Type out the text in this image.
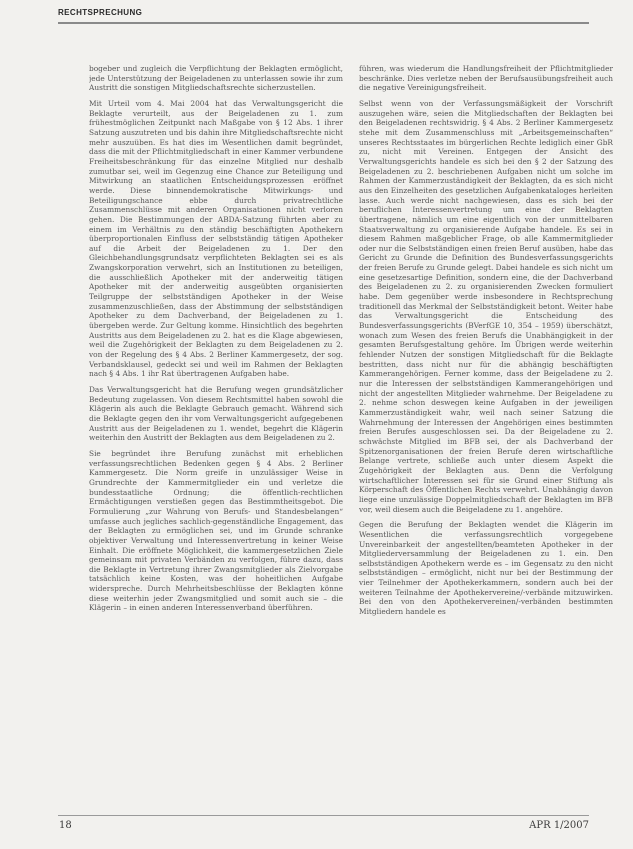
RECHTSPRECHUNG

bogeber und zugleich die Verpflichtung der Beklagten ermöglicht, jede Unterstützung der Beigeladenen zu unterlassen sowie ihr zum Austritt die sonstigen Mitgliedschaftsrechte sicherzustellen.

Mit Urteil vom 4. Mai 2004 hat das Verwaltungsgericht die Beklagte verurteilt, aus der Beigeladenen zu 1. zum frühestmöglichen Zeitpunkt nach Maßgabe von § 12 Abs. 1 ihrer Satzung auszutreten und bis dahin ihre Mitgliedschaftsrechte nicht mehr auszuüben. Es hat dies im Wesentlichen damit begründet, dass die mit der Pflichtmitgliedschaft in einer Kammer verbundene Freiheitsbeschränkung für das einzelne Mitglied nur deshalb zumutbar sei, weil im Gegenzug eine Chance zur Beteiligung und Mitwirkung an staatlichen Entscheidungsprozessen eröffnet werde. Diese binnendemokratische Mitwirkungs- und Beteiligungschance ebbe durch privatrechtliche Zusammenschlüsse mit anderen Organisationen nicht verloren gehen. Die Bestimmungen der ABDA-Satzung führten aber zu einem im Verhältnis zu den ständig beschäftigten Apothekern überproportionalen Einfluss der selbstständig tätigen Apotheker auf die Arbeit der Beigeladenen zu 1. Der den Gleichbehandlungsgrundsatz verpflichteten Beklagten sei es als Zwangskorporation verwehrt, sich an Institutionen zu beteiligen, die ausschließlich Apotheker mit der anderweitig tätigen Apotheker mit der anderweitig ausgeübten organisierten Teilgruppe der selbstständigen Apotheker in der Weise zusammenzuschließen, dass der Abstimmung der selbstständigen Apotheker zu dem Dachverband, der Beigeladenen zu 1. übergeben werde. Zur Geltung komme. Hinsichtlich des begehrten Austritts aus dem Beigeladenen zu 2. hat es die Klage abgewiesen, weil die Zugehörigkeit der Beklagten zu dem Beigeladenen zu 2. von der Regelung des § 4 Abs. 2 Berliner Kammergesetz, der sog. Verbandsklausel, gedeckt sei und weil im Rahmen der Beklagten nach § 4 Abs. 1 ihr Rat übertragenen Aufgaben habe.

Das Verwaltungsgericht hat die Berufung wegen grundsätzlicher Bedeutung zugelassen. Von diesem Rechtsmittel haben sowohl die Klägerin als auch die Beklagte Gebrauch gemacht. Während sich die Beklagte gegen den ihr vom Verwaltungsgericht aufgegebenen Austritt aus der Beigeladenen zu 1. wendet, begehrt die Klägerin weiterhin den Austritt der Beklagten aus dem Beigeladenen zu 2.

Sie begründet ihre Berufung zunächst mit erheblichen verfassungsrechtlichen Bedenken gegen § 4 Abs. 2 Berliner Kammergesetz. Die Norm greife in unzulässiger Weise in Grundrechte der Kammermitglieder ein und verletze die bundesstaatliche Ordnung; die öffentlich-rechtlichen Ermächtigungen verstießen gegen das Bestimmtheitsgebot. Die Formulierung „zur Wahrung von Berufs- und Standesbelangen“ umfasse auch jegliches sachlich-gegenständliche Engagement, das der Beklagten zu ermöglichen sei, und im Grunde schranke objektiver Verwaltung und Interessenvertretung in keiner Weise Einhalt. Die eröffnete Möglichkeit, die kammergesetzlichen Ziele gemeinsam mit privaten Verbänden zu verfolgen, führe dazu, dass die Beklagte in Vertretung ihrer Zwangsmitglieder als Zielvorgabe tatsächlich keine Kosten, was der hoheitlichen Aufgabe widerspreche. Durch Mehrheitsbeschlüsse der Beklagten könne diese weiterhin jeder Zwangsmitglied und somit auch sie – die Klägerin – in einen anderen Interessenverband überführen.

führen, was wiederum die Handlungsfreiheit der Pflichtmitglieder beschränke. Dies verletze neben der Berufsausübungsfreiheit auch die negative Vereinigungsfreiheit.

Selbst wenn von der Verfassungsmäßigkeit der Vorschrift auszugehen wäre, seien die Mitgliedschaften der Beklagten bei den Beigeladenen rechtswidrig. § 4 Abs. 2 Berliner Kammergesetz stehe mit dem Zusammenschluss mit „Arbeitsgemeinschaften“ unseres Rechtsstaates im bürgerlichen Rechte lediglich einer GbR zu, nicht mit Vereinen. Entgegen der Ansicht des Verwaltungsgerichts handele es sich bei den § 2 der Satzung des Beigeladenen zu 2. beschriebenen Aufgaben nicht um solche im Rahmen der Kammerzuständigkeit der Beklagten, da es sich nicht aus den Einzelheiten des gesetzlichen Aufgabenkataloges herleiten lasse. Auch werde nicht nachgewiesen, dass es sich bei der beruflichen Interessenvertretung um eine der Beklagten übertragene, nämlich um eine eigentlich von der unmittelbaren Staatsverwaltung zu organisierende Aufgabe handele. Es sei in diesem Rahmen maßgeblicher Frage, ob alle Kammermitglieder oder nur die Selbstständigen einen freien Beruf ausüben, habe das Gericht zu Grunde die Definition des Bundesverfassungsgerichts der freien Berufe zu Grunde gelegt. Dabei handele es sich nicht um eine gesetzesartige Definition, sondern eine, die der Dachverband des Beigeladenen zu 2. zu organisierenden Zwecken formuliert habe. Dem gegenüber werde insbesondere in Rechtsprechung traditionell das Merkmal der Selbstständigkeit betont. Weiter habe das Verwaltungsgericht die Entscheidung des Bundesverfassungsgerichts (BVerfGE 10, 354 – 1959) überschätzt, wonach zum Wesen des freien Berufs die Unabhängigkeit in der gesamten Berufsgestaltung gehöre. Im Übrigen werde weiterhin fehlender Nutzen der sonstigen Mitgliedschaft für die Beklagte bestritten, dass nicht nur für die abhängig beschäftigten Kammerangehörigen. Ferner komme, dass der Beigeladene zu 2. nur die Interessen der selbstständigen Kammerangehörigen und nicht der angestellten Mitglieder wahrnehme. Der Beigeladene zu 2. nehme schon deswegen keine Aufgaben in der jeweiligen Kammerzuständigkeit wahr, weil nach seiner Satzung die Wahrnehmung der Interessen der Angehörigen eines bestimmten freien Berufes ausgeschlossen sei. Da der Beigeladene zu 2. schwächste Mitglied im BFB sei, der als Dachverband der Spitzenorganisationen der freien Berufe deren wirtschaftliche Belange vertrete, schließe auch unter diesem Aspekt die Zugehörigkeit der Beklagten aus. Denn die Verfolgung wirtschaftlicher Interessen sei für sie Grund einer Stiftung als Körperschaft des Öffentlichen Rechts verwehrt. Unabhängig davon liege eine unzulässige Doppelmitgliedschaft der Beklagten im BFB vor, weil diesem auch die Beigeladene zu 1. angehöre.

Gegen die Berufung der Beklagten wendet die Klägerin im Wesentlichen die verfassungsrechtlich vorgegebene Unvereinbarkeit der angestellten/beamteten Apotheker in der Mitgliederversammlung der Beigeladenen zu 1. ein. Den selbstständigen Apothekern werde es – im Gegensatz zu den nicht selbstständigen – ermöglicht, nicht nur bei der Bestimmung der vier Teilnehmer der Apothekerkammern, sondern auch bei der weiteren Teilnahme der Apothekervereine/-verbände mitzuwirken. Bei den von den Apothekervereinen/-verbänden bestimmten Mitgliedern handele es

18	APR 1/2007
